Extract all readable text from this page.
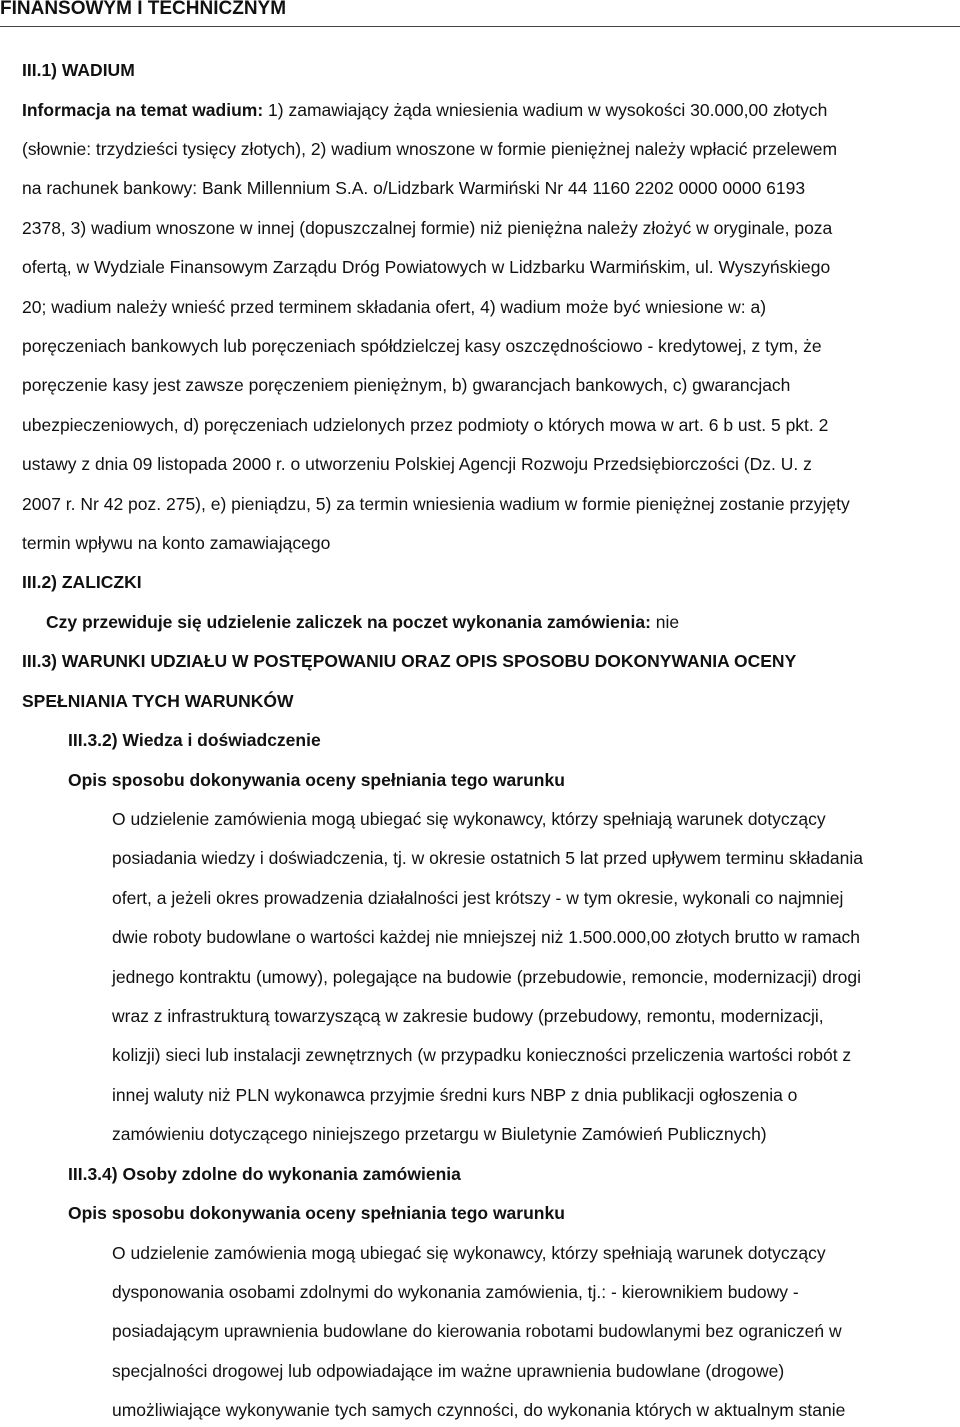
FINANSOWYM I TECHNICZNYM
III.1) WADIUM
Informacja na temat wadium: 1) zamawiający żąda wniesienia wadium w wysokości 30.000,00 złotych
(słownie: trzydzieści tysięcy złotych), 2) wadium wnoszone w formie pieniężnej należy wpłacić przelewem
na rachunek bankowy: Bank Millennium S.A. o/Lidzbark Warmiński Nr 44 1160 2202 0000 0000 6193
2378, 3) wadium wnoszone w innej (dopuszczalnej formie) niż pieniężna należy złożyć w oryginale, poza
ofertą, w Wydziale Finansowym Zarządu Dróg Powiatowych w Lidzbarku Warmińskim, ul. Wyszyńskiego
20; wadium należy wnieść przed terminem składania ofert, 4) wadium może być wniesione w: a)
poręczeniach bankowych lub poręczeniach spółdzielczej kasy oszczędnościowo - kredytowej, z tym, że
poręczenie kasy jest zawsze poręczeniem pieniężnym, b) gwarancjach bankowych, c) gwarancjach
ubezpieczeniowych, d) poręczeniach udzielonych przez podmioty o których mowa w art. 6 b ust. 5 pkt. 2
ustawy z dnia 09 listopada 2000 r. o utworzeniu Polskiej Agencji Rozwoju Przedsiębiorczości (Dz. U. z
2007 r. Nr 42 poz. 275), e) pieniądzu, 5) za termin wniesienia wadium w formie pieniężnej zostanie przyjęty
termin wpływu na konto zamawiającego
III.2) ZALICZKI
Czy przewiduje się udzielenie zaliczek na poczet wykonania zamówienia: nie
III.3) WARUNKI UDZIAŁU W POSTĘPOWANIU ORAZ OPIS SPOSOBU DOKONYWANIA OCENY
SPEŁNIANIA TYCH WARUNKÓW
III.3.2) Wiedza i doświadczenie
Opis sposobu dokonywania oceny spełniania tego warunku
O udzielenie zamówienia mogą ubiegać się wykonawcy, którzy spełniają warunek dotyczący
posiadania wiedzy i doświadczenia, tj. w okresie ostatnich 5 lat przed upływem terminu składania
ofert, a jeżeli okres prowadzenia działalności jest krótszy - w tym okresie, wykonali co najmniej
dwie roboty budowlane o wartości każdej nie mniejszej niż 1.500.000,00 złotych brutto w ramach
jednego kontraktu (umowy), polegające na budowie (przebudowie, remoncie, modernizacji) drogi
wraz z infrastrukturą towarzyszącą w zakresie budowy (przebudowy, remontu, modernizacji,
kolizji) sieci lub instalacji zewnętrznych (w przypadku konieczności przeliczenia wartości robót z
innej waluty niż PLN wykonawca przyjmie średni kurs NBP z dnia publikacji ogłoszenia o
zamówieniu dotyczącego niniejszego przetargu w Biuletynie Zamówień Publicznych)
III.3.4) Osoby zdolne do wykonania zamówienia
Opis sposobu dokonywania oceny spełniania tego warunku
O udzielenie zamówienia mogą ubiegać się wykonawcy, którzy spełniają warunek dotyczący
dysponowania osobami zdolnymi do wykonania zamówienia, tj.: - kierownikiem budowy -
posiadającym uprawnienia budowlane do kierowania robotami budowlanymi bez ograniczeń w
specjalności drogowej lub odpowiadające im ważne uprawnienia budowlane (drogowe)
umożliwiające wykonywanie tych samych czynności, do wykonania których w aktualnym stanie
